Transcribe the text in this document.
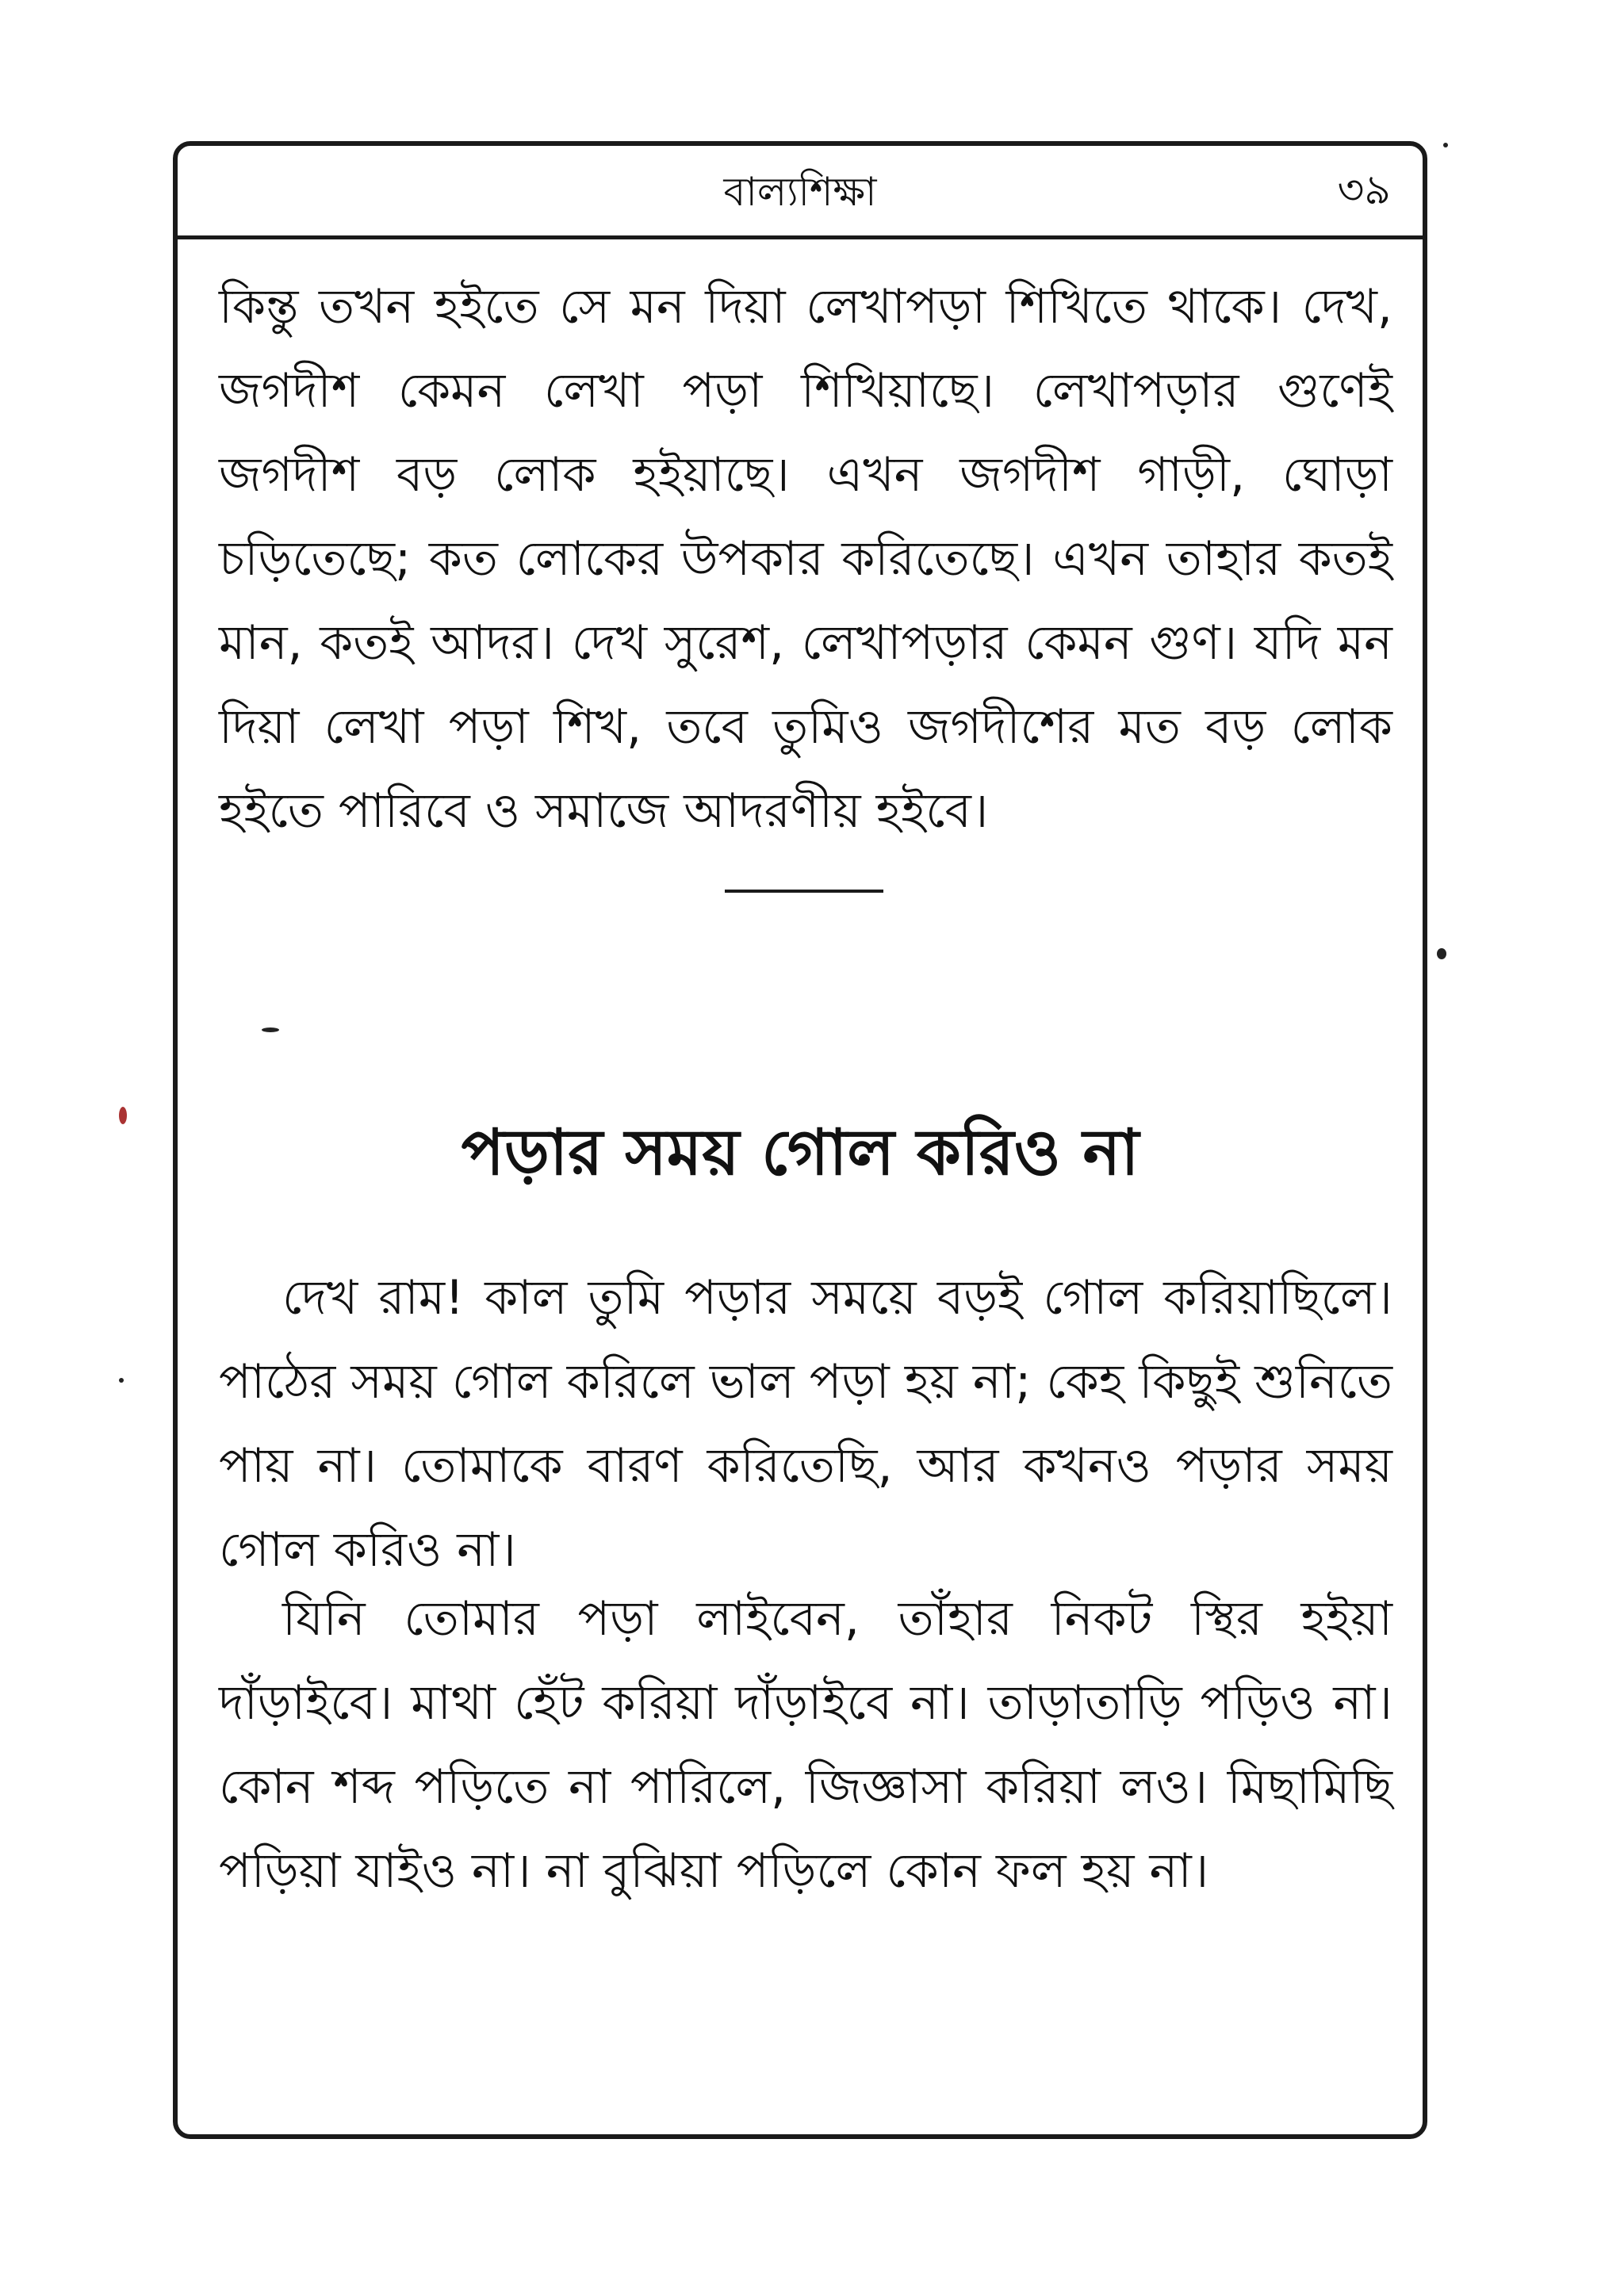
বাল্যশিক্ষা	৩৯

কিন্তু তখন হইতে সে মন দিয়া লেখাপড়া শিখিতে থাকে। দেখ, জগদীশ কেমন লেখা পড়া শিখিয়াছে। লেখাপড়ার গুণেই জগদীশ বড় লোক হইয়াছে। এখন জগদীশ গাড়ী, ঘোড়া চড়িতেছে; কত লোকের উপকার করিতেছে। এখন তাহার কতই মান, কতই আদর। দেখ সুরেশ, লেখাপড়ার কেমন গুণ। যদি মন দিয়া লেখা পড়া শিখ, তবে তুমিও জগদীশের মত বড় লোক হইতে পারিবে ও সমাজে আদরণীয় হইবে।

পড়ার সময় গোল করিও না

দেখ রাম! কাল তুমি পড়ার সময়ে বড়ই গোল করিয়াছিলে। পাঠের সময় গোল করিলে ভাল পড়া হয় না; কেহ কিছুই শুনিতে পায় না। তোমাকে বারণ করিতেছি, আর কখনও পড়ার সময় গোল করিও না।

যিনি তোমার পড়া লাইবেন, তাঁহার নিকট স্থির হইয়া দাঁড়াইবে। মাথা হেঁট করিয়া দাঁড়াইবে না। তাড়াতাড়ি পড়িও না। কোন শব্দ পড়িতে না পারিলে, জিজ্ঞাসা করিয়া লও। মিছামিছি পড়িয়া যাইও না। না বুঝিয়া পড়িলে কোন ফল হয় না।
